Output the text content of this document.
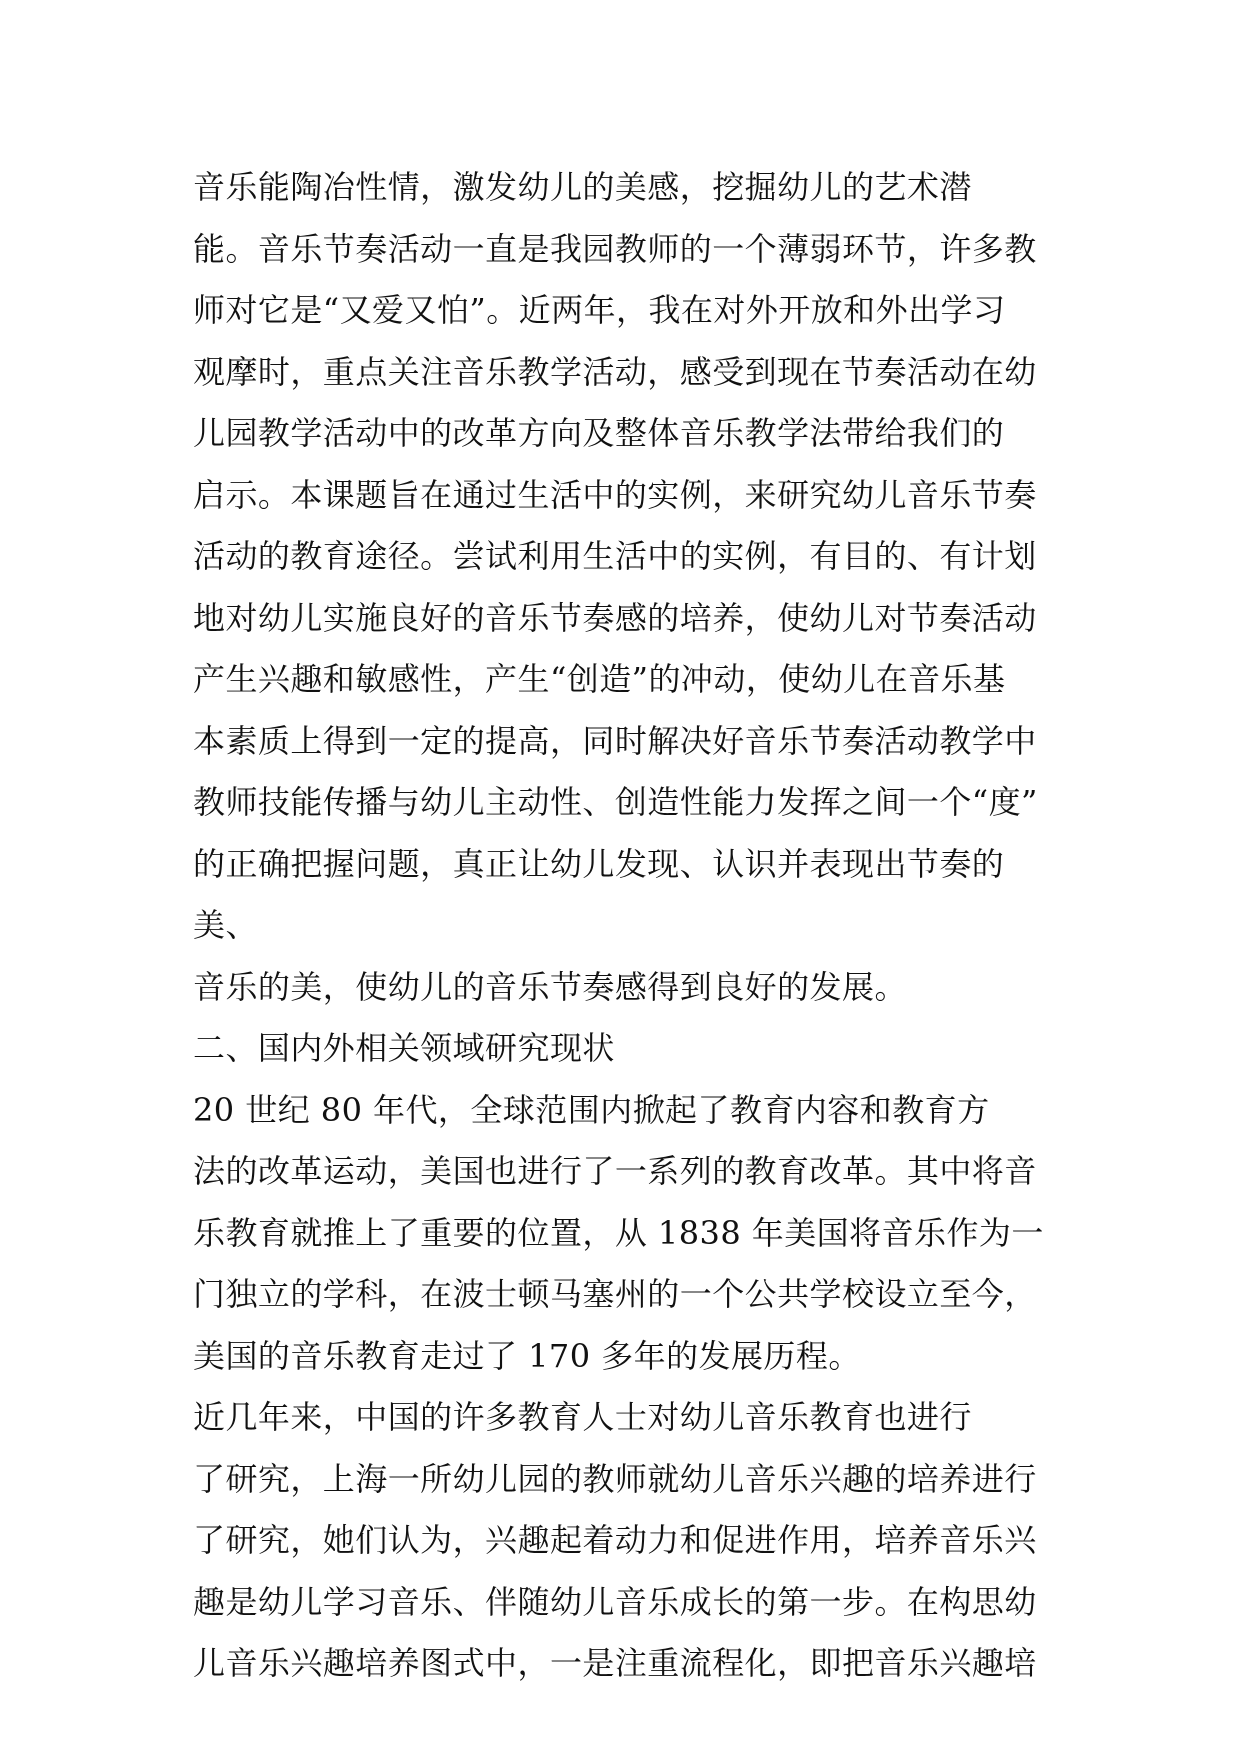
音乐能陶冶性情，激发幼儿的美感，挖掘幼儿的艺术潜

能。音乐节奏活动一直是我园教师的一个薄弱环节，许多教

师对它是“又爱又怕”。近两年，我在对外开放和外出学习

观摩时，重点关注音乐教学活动，感受到现在节奏活动在幼

儿园教学活动中的改革方向及整体音乐教学法带给我们的

启示。本课题旨在通过生活中的实例，来研究幼儿音乐节奏

活动的教育途径。尝试利用生活中的实例，有目的、有计划

地对幼儿实施良好的音乐节奏感的培养，使幼儿对节奏活动

产生兴趣和敏感性，产生“创造”的冲动，使幼儿在音乐基

本素质上得到一定的提高，同时解决好音乐节奏活动教学中

教师技能传播与幼儿主动性、创造性能力发挥之间一个“度”

的正确把握问题，真正让幼儿发现、认识并表现出节奏的美、

音乐的美，使幼儿的音乐节奏感得到良好的发展。

二、国内外相关领域研究现状

20 世纪 80 年代，全球范围内掀起了教育内容和教育方

法的改革运动，美国也进行了一系列的教育改革。其中将音

乐教育就推上了重要的位置，从 1838 年美国将音乐作为一

门独立的学科，在波士顿马塞州的一个公共学校设立至今，

美国的音乐教育走过了 170 多年的发展历程。

近几年来，中国的许多教育人士对幼儿音乐教育也进行

了研究，上海一所幼儿园的教师就幼儿音乐兴趣的培养进行

了研究，她们认为，兴趣起着动力和促进作用，培养音乐兴

趣是幼儿学习音乐、伴随幼儿音乐成长的第一步。在构思幼

儿音乐兴趣培养图式中，一是注重流程化，即把音乐兴趣培
